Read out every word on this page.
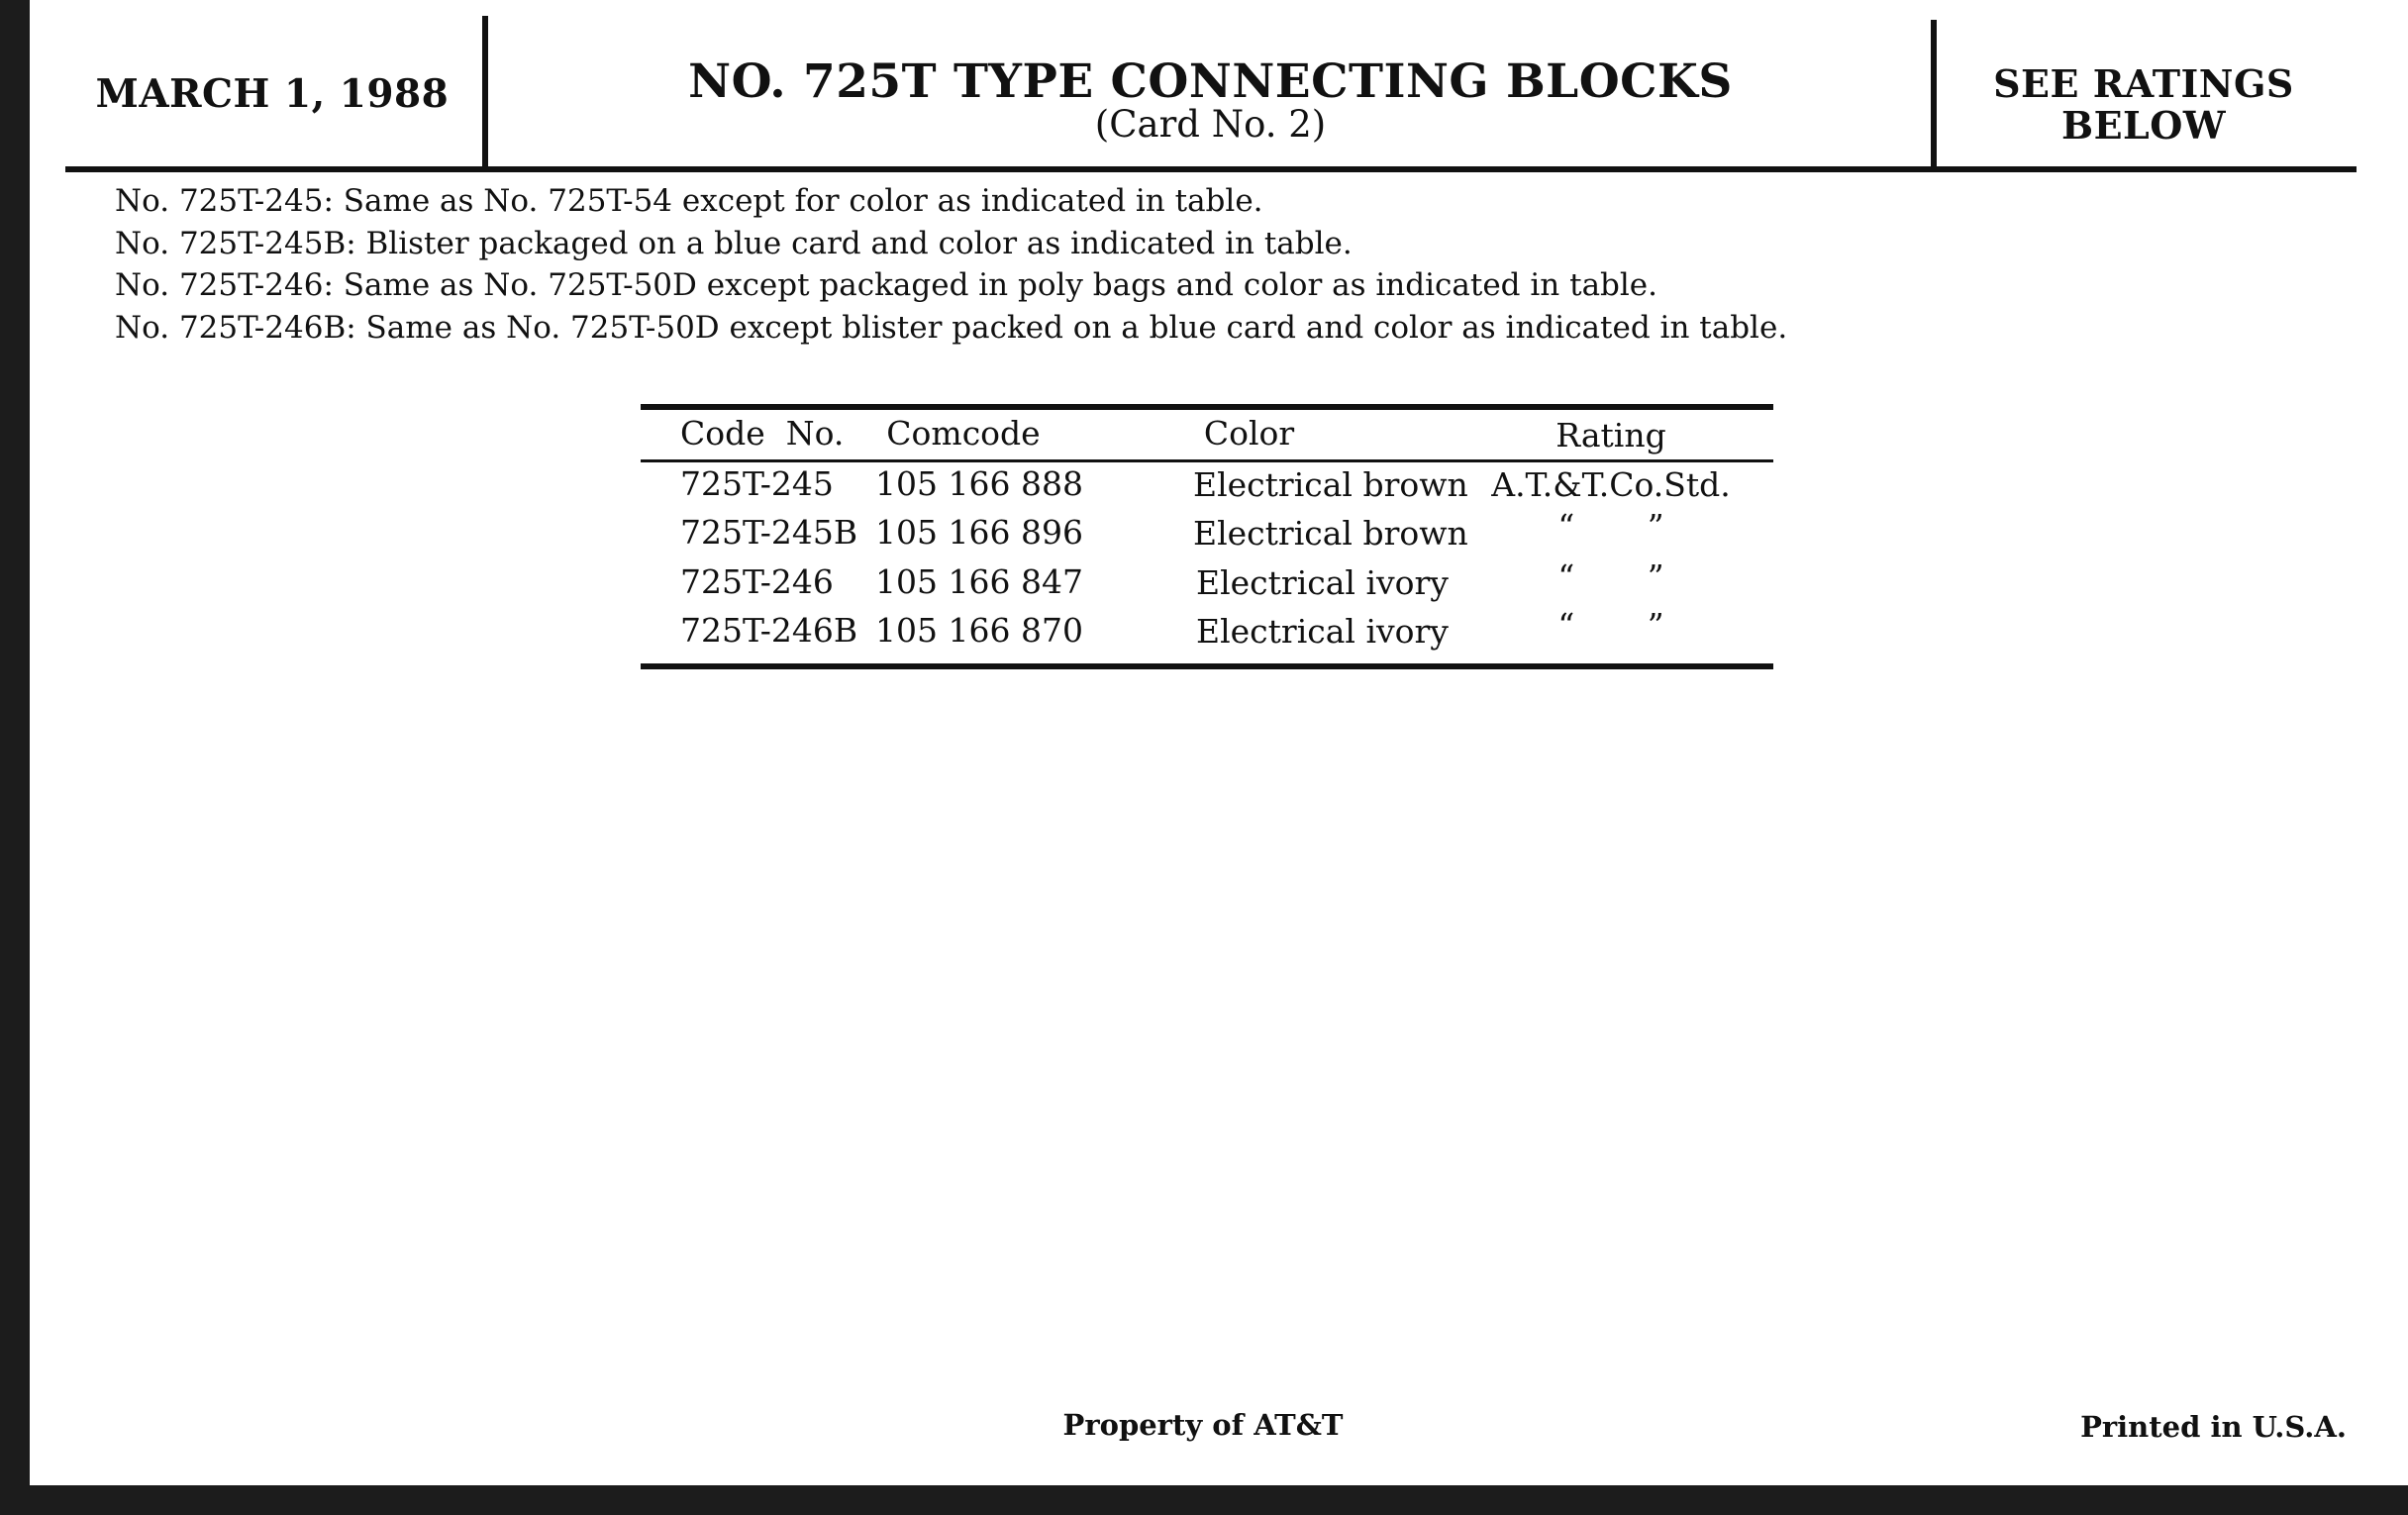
MARCH 1, 1988	NO. 725T TYPE CONNECTING BLOCKS
(Card No. 2)
SEE RATINGS
BELOW
No. 725T-245: Same as No. 725T-54 except for color as indicated in table.
No. 725T-245B: Blister packaged on a blue card and color as indicated in table.
No. 725T-246: Same as No. 725T-50D except packaged in poly bags and color as indicated in table.
No. 725T-246B: Same as No. 725T-50D except blister packed on a blue card and color as indicated in table.
Code  No.	Comcode	Color	Rating
725T-245 105 166 888	Electrical brown A.T.&T.Co.Std.
725T-245B 105 166 896	Electrical brown	“       ”
725T-246 105 166 847	Electrical ivory	“       ”
725T-246B 105 166 870	Electrical ivory	“       ”
Property of AT&T	Printed in U.S.A.
